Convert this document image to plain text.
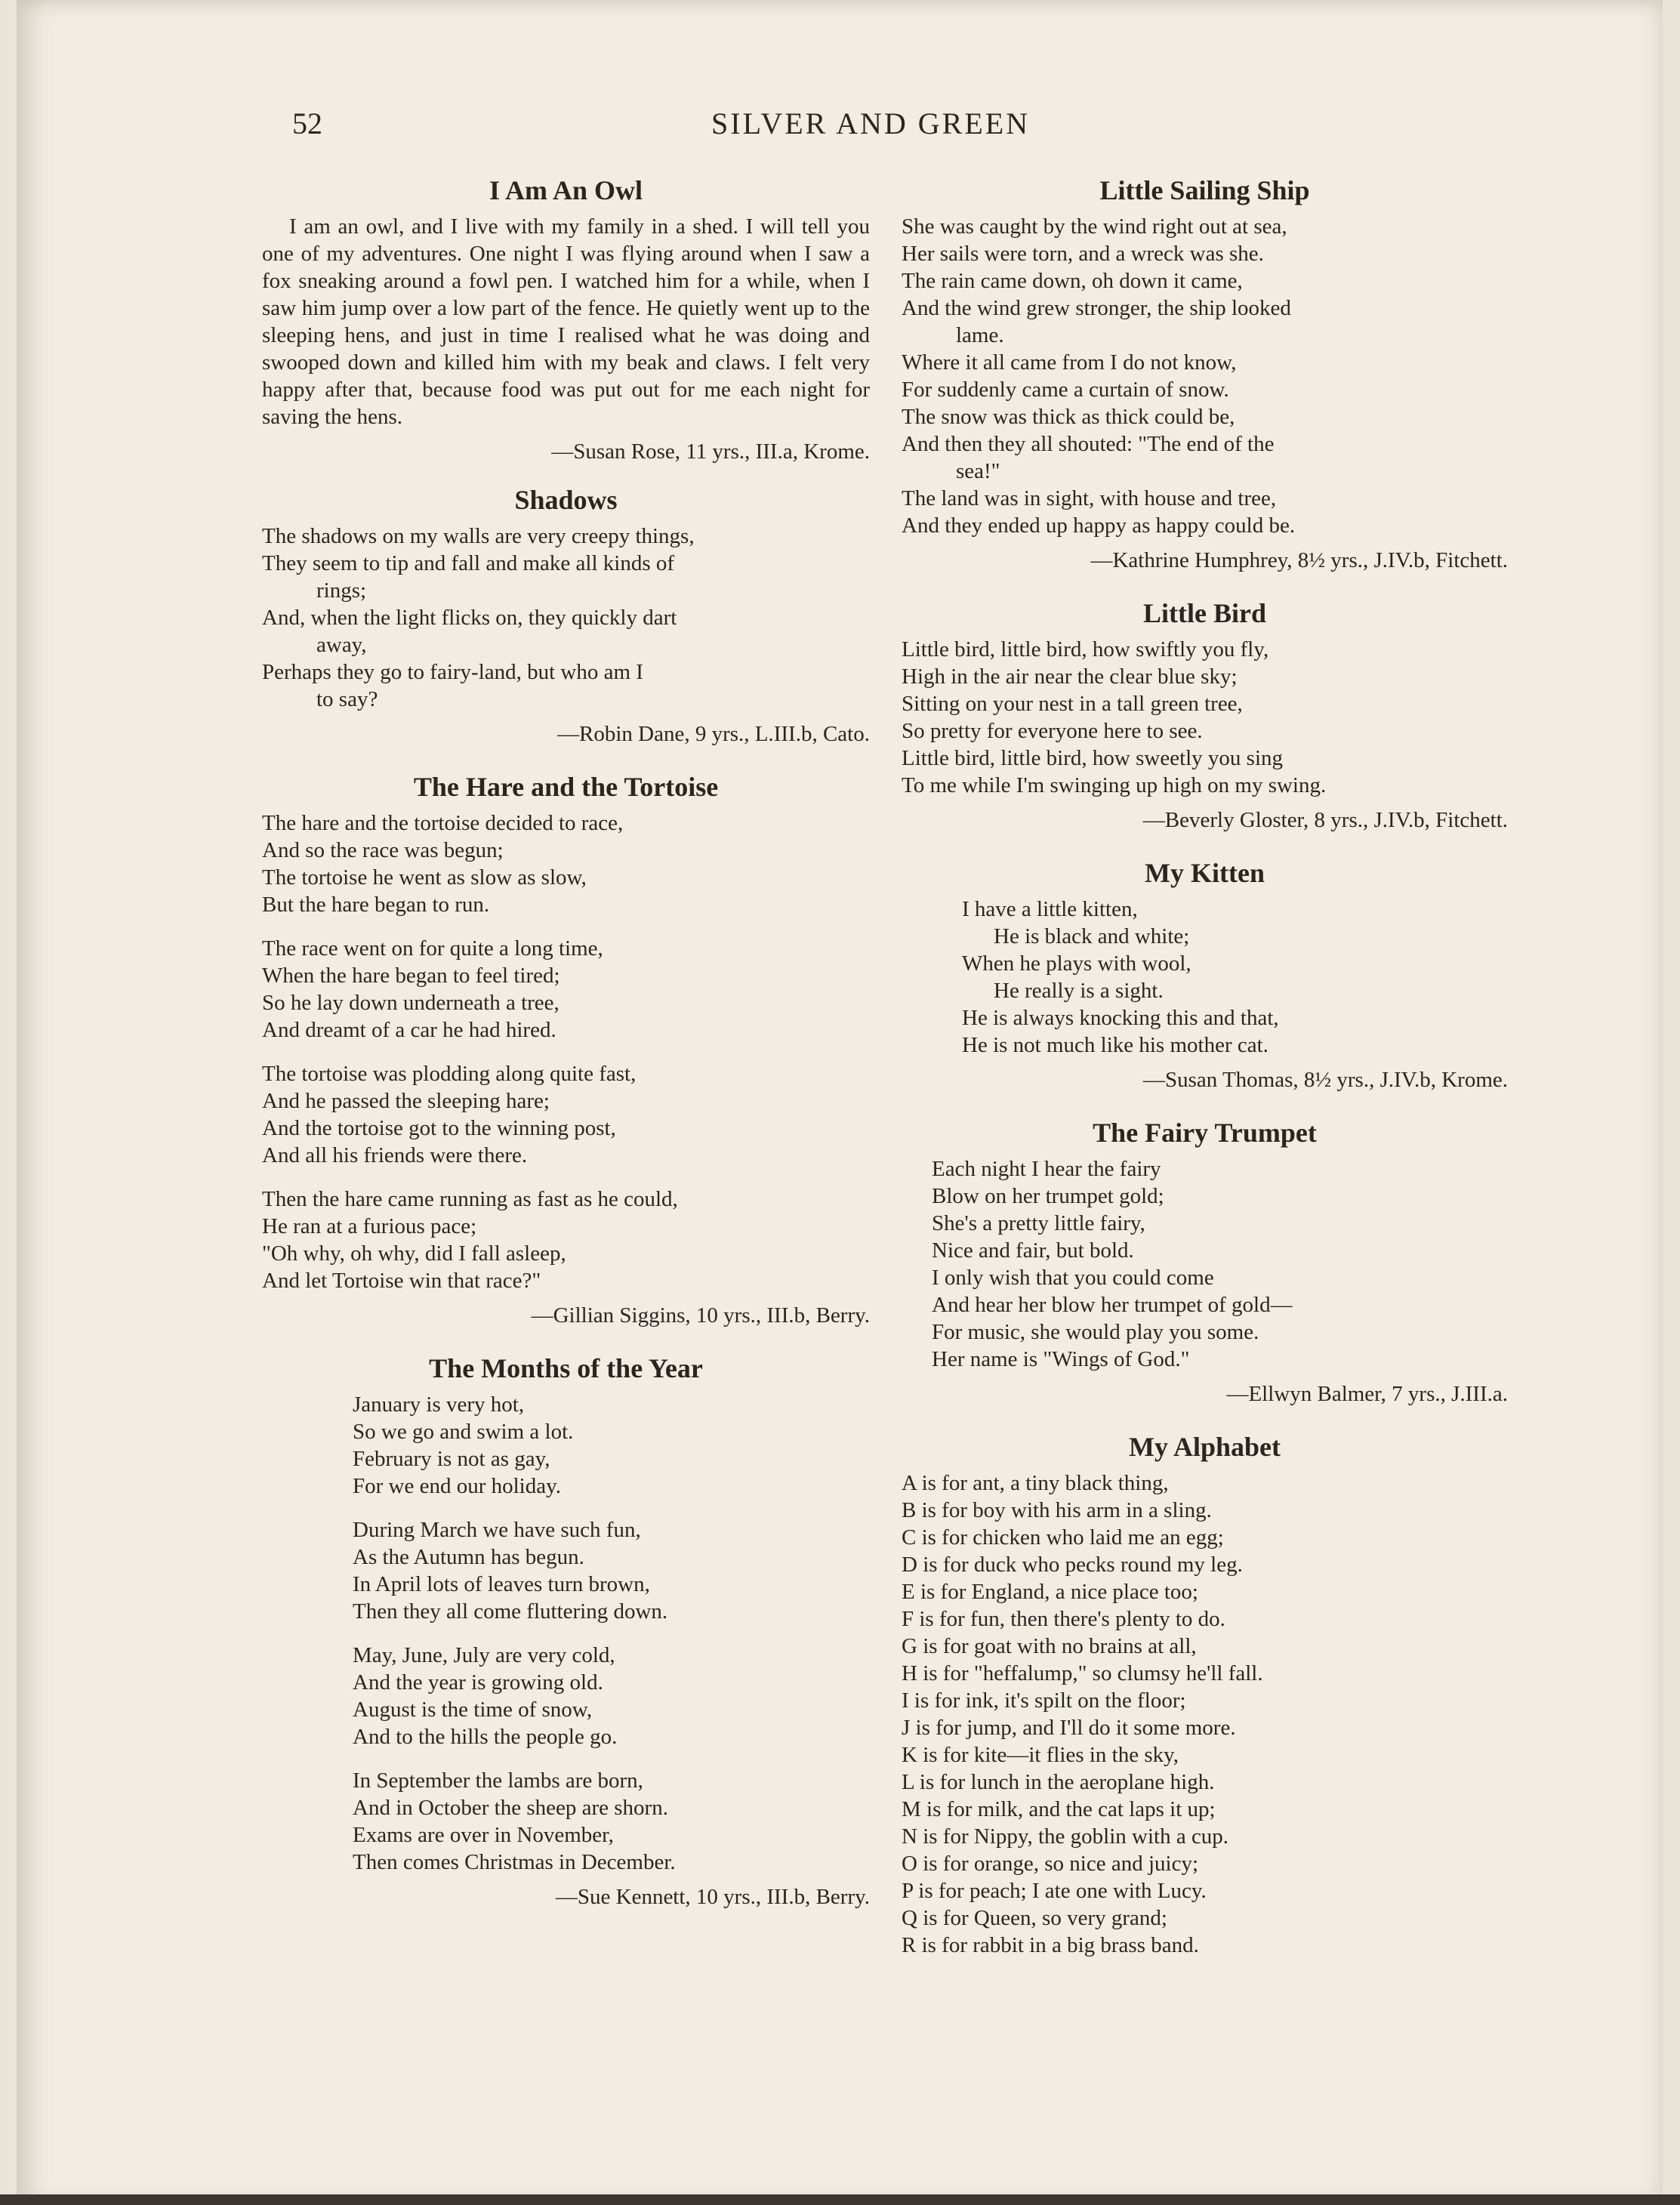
52	SILVER AND GREEN
I Am An Owl

I am an owl, and I live with my family in a shed. I will tell you one of my adventures. One night I was flying around when I saw a fox sneaking around a fowl pen. I watched him for a while, when I saw him jump over a low part of the fence. He quietly went up to the sleeping hens, and just in time I realised what he was doing and swooped down and killed him with my beak and claws. I felt very happy after that, because food was put out for me each night for saving the hens.

—Susan Rose, 11 yrs., III.a, Krome.
Shadows
The shadows on my walls are very creepy things,
They seem to tip and fall and make all kinds of
rings;
And, when the light flicks on, they quickly dart
away,
Perhaps they go to fairy-land, but who am I
to say?
—Robin Dane, 9 yrs., L.III.b, Cato.
The Hare and the Tortoise
The hare and the tortoise decided to race,
And so the race was begun;
The tortoise he went as slow as slow,
But the hare began to run.
The race went on for quite a long time,
When the hare began to feel tired;
So he lay down underneath a tree,
And dreamt of a car he had hired.
The tortoise was plodding along quite fast,
And he passed the sleeping hare;
And the tortoise got to the winning post,
And all his friends were there.
Then the hare came running as fast as he could,
He ran at a furious pace;
"Oh why, oh why, did I fall asleep,
And let Tortoise win that race?"
—Gillian Siggins, 10 yrs., III.b, Berry.
The Months of the Year
January is very hot,
So we go and swim a lot.
February is not as gay,
For we end our holiday.
During March we have such fun,
As the Autumn has begun.
In April lots of leaves turn brown,
Then they all come fluttering down.
May, June, July are very cold,
And the year is growing old.
August is the time of snow,
And to the hills the people go.
In September the lambs are born,
And in October the sheep are shorn.
Exams are over in November,
Then comes Christmas in December.
—Sue Kennett, 10 yrs., III.b, Berry.
Little Sailing Ship
She was caught by the wind right out at sea,
Her sails were torn, and a wreck was she.
The rain came down, oh down it came,
And the wind grew stronger, the ship looked
lame.
Where it all came from I do not know,
For suddenly came a curtain of snow.
The snow was thick as thick could be,
And then they all shouted: "The end of the
sea!"
The land was in sight, with house and tree,
And they ended up happy as happy could be.
—Kathrine Humphrey, 8½ yrs., J.IV.b, Fitchett.
Little Bird
Little bird, little bird, how swiftly you fly,
High in the air near the clear blue sky;
Sitting on your nest in a tall green tree,
So pretty for everyone here to see.
Little bird, little bird, how sweetly you sing
To me while I'm swinging up high on my swing.
—Beverly Gloster, 8 yrs., J.IV.b, Fitchett.
My Kitten
I have a little kitten,
He is black and white;
When he plays with wool,
He really is a sight.
He is always knocking this and that,
He is not much like his mother cat.
—Susan Thomas, 8½ yrs., J.IV.b, Krome.
The Fairy Trumpet
Each night I hear the fairy
Blow on her trumpet gold;
She's a pretty little fairy,
Nice and fair, but bold.
I only wish that you could come
And hear her blow her trumpet of gold—
For music, she would play you some.
Her name is "Wings of God."
—Ellwyn Balmer, 7 yrs., J.III.a.
My Alphabet
A is for ant, a tiny black thing,
B is for boy with his arm in a sling.
C is for chicken who laid me an egg;
D is for duck who pecks round my leg.
E is for England, a nice place too;
F is for fun, then there's plenty to do.
G is for goat with no brains at all,
H is for "heffalump," so clumsy he'll fall.
I is for ink, it's spilt on the floor;
J is for jump, and I'll do it some more.
K is for kite—it flies in the sky,
L is for lunch in the aeroplane high.
M is for milk, and the cat laps it up;
N is for Nippy, the goblin with a cup.
O is for orange, so nice and juicy;
P is for peach; I ate one with Lucy.
Q is for Queen, so very grand;
R is for rabbit in a big brass band.
